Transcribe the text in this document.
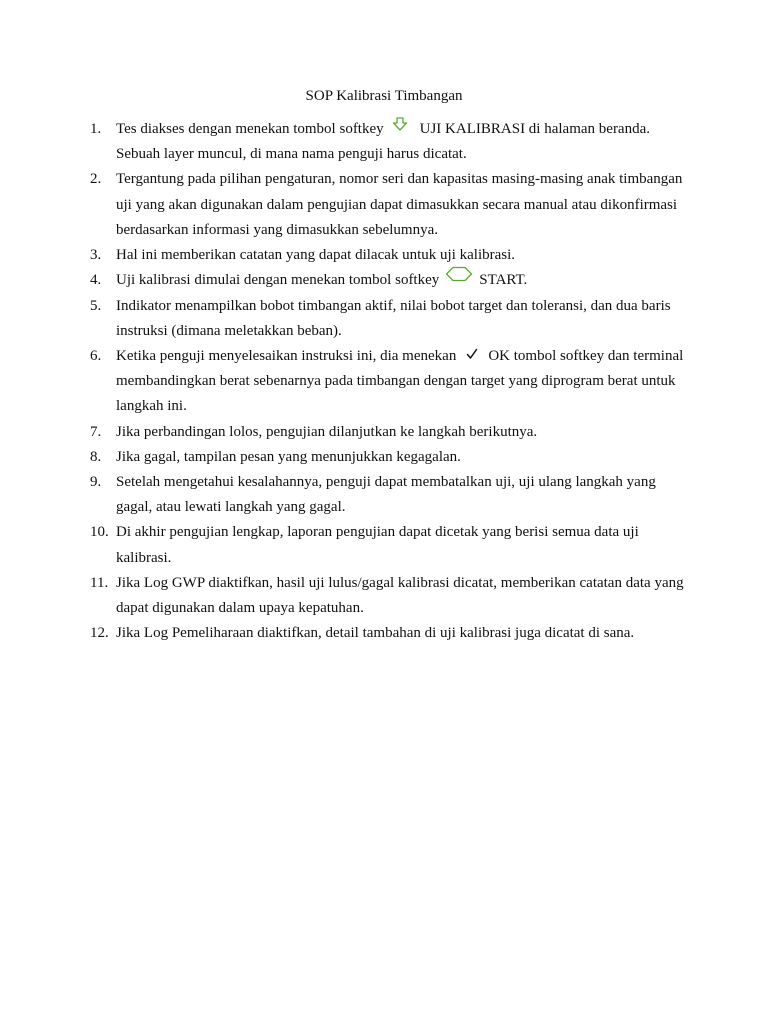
SOP Kalibrasi Timbangan
1. Tes diakses dengan menekan tombol softkey UJI KALIBRASI di halaman beranda. Sebuah layer muncul, di mana nama penguji harus dicatat.
2. Tergantung pada pilihan pengaturan, nomor seri dan kapasitas masing-masing anak timbangan uji yang akan digunakan dalam pengujian dapat dimasukkan secara manual atau dikonfirmasi berdasarkan informasi yang dimasukkan sebelumnya.
3. Hal ini memberikan catatan yang dapat dilacak untuk uji kalibrasi.
4. Uji kalibrasi dimulai dengan menekan tombol softkey	START.
5. Indikator menampilkan bobot timbangan aktif, nilai bobot target dan toleransi, dan dua baris instruksi (dimana meletakkan beban).
6. Ketika penguji menyelesaikan instruksi ini, dia menekan OK tombol softkey dan terminal membandingkan berat sebenarnya pada timbangan dengan target yang diprogram berat untuk langkah ini.
7. Jika perbandingan lolos, pengujian dilanjutkan ke langkah berikutnya.
8. Jika gagal, tampilan pesan yang menunjukkan kegagalan.
9. Setelah mengetahui kesalahannya, penguji dapat membatalkan uji, uji ulang langkah yang gagal, atau lewati langkah yang gagal.
10. Di akhir pengujian lengkap, laporan pengujian dapat dicetak yang berisi semua data uji kalibrasi.
11. Jika Log GWP diaktifkan, hasil uji lulus/gagal kalibrasi dicatat, memberikan catatan data yang dapat digunakan dalam upaya kepatuhan.
12. Jika Log Pemeliharaan diaktifkan, detail tambahan di uji kalibrasi juga dicatat di sana.
